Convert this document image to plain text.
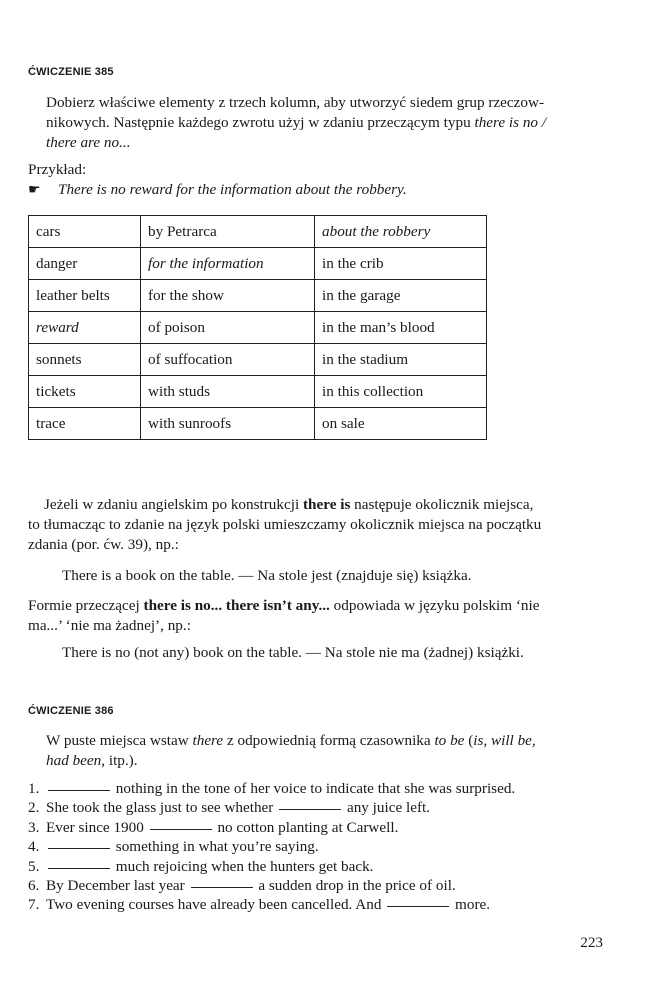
ĆWICZENIE 385
Dobierz właściwe elementy z trzech kolumn, aby utworzyć siedem grup rzeczow-
nikowych. Następnie każdego zwrotu użyj w zdaniu przeczącym typu there is no /
there are no...
Przykład:
☛ There is no reward for the information about the robbery.
cars	by Petrarca	about the robbery
danger	for the information	in the crib
leather belts	for the show	in the garage
reward	of poison	in the man’s blood
sonnets	of suffocation	in the stadium
tickets	with studs	in this collection
trace	with sunroofs	on sale
Jeżeli w zdaniu angielskim po konstrukcji there is następuje okolicznik miejsca,
to tłumacząc to zdanie na język polski umieszczamy okolicznik miejsca na początku
zdania (por. ćw. 39), np.:
There is a book on the table. — Na stole jest (znajduje się) książka.
Formie przeczącej there is no... there isn’t any... odpowiada w języku polskim ‘nie
ma...’ ‘nie ma żadnej’, np.:
There is no (not any) book on the table. — Na stole nie ma (żadnej) książki.
ĆWICZENIE 386
W puste miejsca wstaw there z odpowiednią formą czasownika to be (is, will be,
had been, itp.).
1.	nothing in the tone of her voice to indicate that she was surprised.
2. She took the glass just to see whether	any juice left.
3. Ever since 1900	no cotton planting at Carwell.
4.	something in what you’re saying.
5.	much rejoicing when the hunters get back.
6. By December last year	a sudden drop in the price of oil.
7. Two evening courses have already been cancelled. And	more.
223
